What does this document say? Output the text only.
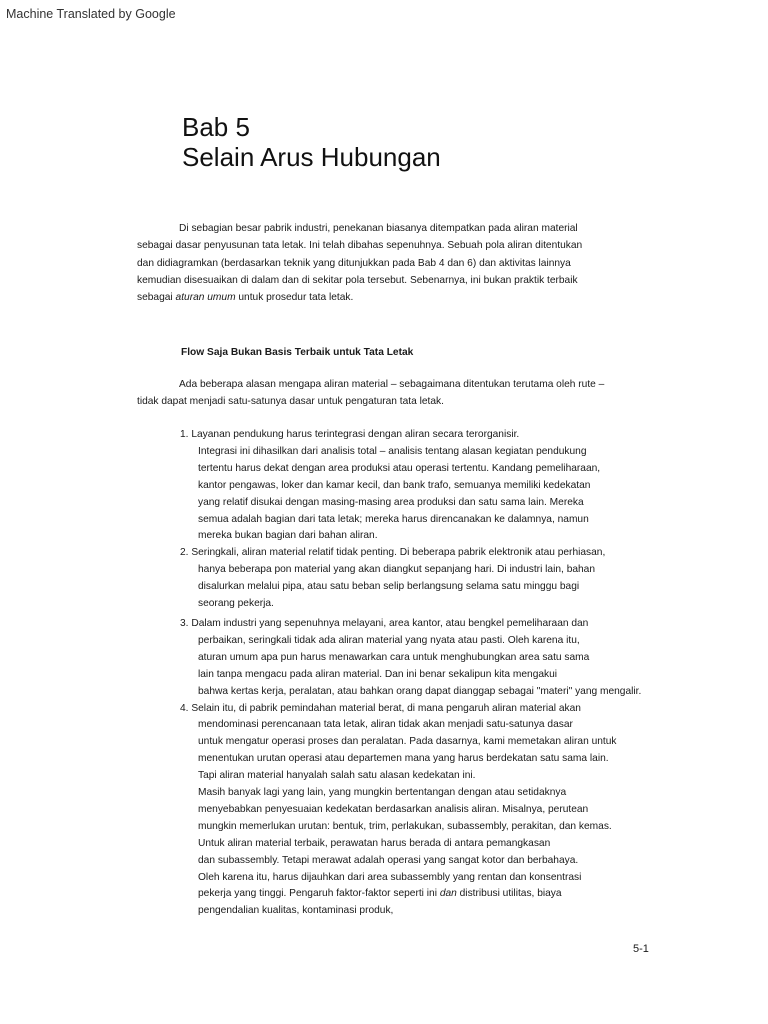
Machine Translated by Google
Bab 5
Selain Arus Hubungan
Di sebagian besar pabrik industri, penekanan biasanya ditempatkan pada aliran material
sebagai dasar penyusunan tata letak. Ini telah dibahas sepenuhnya. Sebuah pola aliran ditentukan
dan didiagramkan (berdasarkan teknik yang ditunjukkan pada Bab 4 dan 6) dan aktivitas lainnya
kemudian disesuaikan di dalam dan di sekitar pola tersebut. Sebenarnya, ini bukan praktik terbaik
sebagai aturan umum untuk prosedur tata letak.
Flow Saja Bukan Basis Terbaik untuk Tata Letak
Ada beberapa alasan mengapa aliran material – sebagaimana ditentukan terutama oleh rute –
tidak dapat menjadi satu-satunya dasar untuk pengaturan tata letak.
1. Layanan pendukung harus terintegrasi dengan aliran secara terorganisir.
Integrasi ini dihasilkan dari analisis total – analisis tentang alasan kegiatan pendukung
tertentu harus dekat dengan area produksi atau operasi tertentu. Kandang pemeliharaan,
kantor pengawas, loker dan kamar kecil, dan bank trafo, semuanya memiliki kedekatan
yang relatif disukai dengan masing-masing area produksi dan satu sama lain. Mereka
semua adalah bagian dari tata letak; mereka harus direncanakan ke dalamnya, namun
mereka bukan bagian dari bahan aliran.
2. Seringkali, aliran material relatif tidak penting. Di beberapa pabrik elektronik atau perhiasan,
hanya beberapa pon material yang akan diangkut sepanjang hari. Di industri lain, bahan
disalurkan melalui pipa, atau satu beban selip berlangsung selama satu minggu bagi
seorang pekerja.
3. Dalam industri yang sepenuhnya melayani, area kantor, atau bengkel pemeliharaan dan
perbaikan, seringkali tidak ada aliran material yang nyata atau pasti. Oleh karena itu,
aturan umum apa pun harus menawarkan cara untuk menghubungkan area satu sama
lain tanpa mengacu pada aliran material. Dan ini benar sekalipun kita mengakui
bahwa kertas kerja, peralatan, atau bahkan orang dapat dianggap sebagai "materi" yang mengalir.
4. Selain itu, di pabrik pemindahan material berat, di mana pengaruh aliran material akan
mendominasi perencanaan tata letak, aliran tidak akan menjadi satu-satunya dasar
untuk mengatur operasi proses dan peralatan. Pada dasarnya, kami memetakan aliran untuk
menentukan urutan operasi atau departemen mana yang harus berdekatan satu sama lain.
Tapi aliran material hanyalah salah satu alasan kedekatan ini.
Masih banyak lagi yang lain, yang mungkin bertentangan dengan atau setidaknya
menyebabkan penyesuaian kedekatan berdasarkan analisis aliran. Misalnya, perutean
mungkin memerlukan urutan: bentuk, trim, perlakukan, subassembly, perakitan, dan kemas.
Untuk aliran material terbaik, perawatan harus berada di antara pemangkasan
dan subassembly. Tetapi merawat adalah operasi yang sangat kotor dan berbahaya.
Oleh karena itu, harus dijauhkan dari area subassembly yang rentan dan konsentrasi
pekerja yang tinggi. Pengaruh faktor-faktor seperti ini dan distribusi utilitas, biaya
pengendalian kualitas, kontaminasi produk,
5-1
